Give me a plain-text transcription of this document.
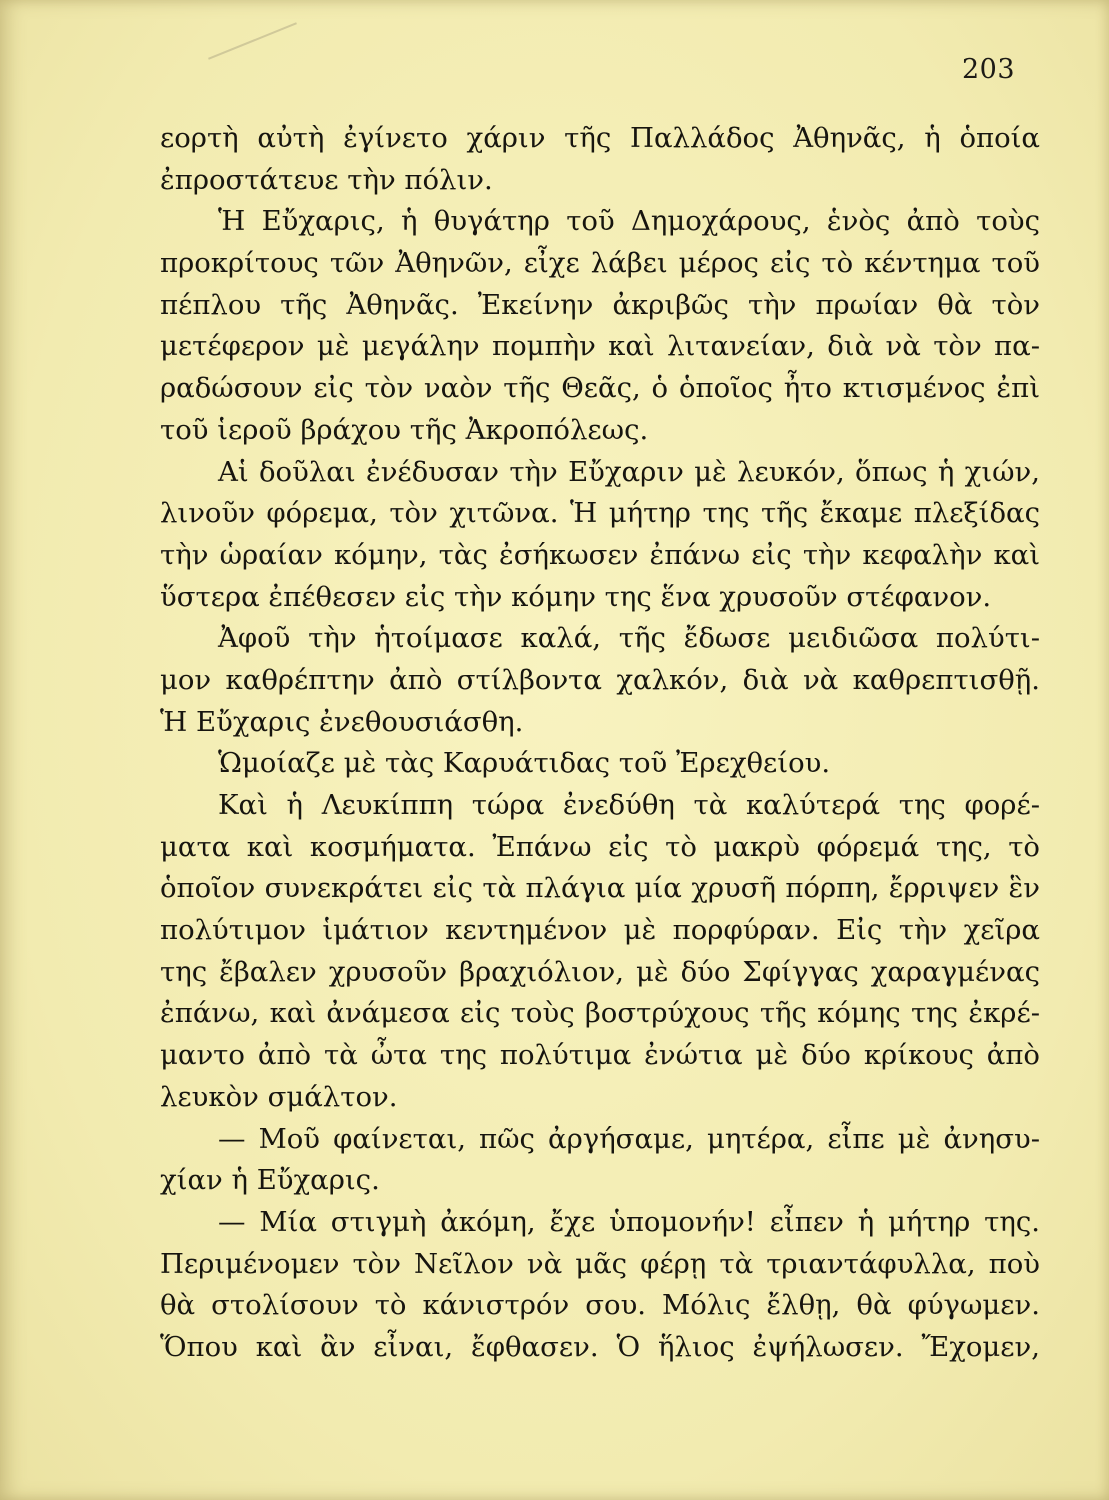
203
εορτὴ αὐτὴ ἐγίνετο χάριν τῆς Παλλάδος Ἀθηνᾶς, ἡ ὁποία
ἐπροστάτευε τὴν πόλιν.
Ἡ Εὔχαρις, ἡ θυγάτηρ τοῦ Δημοχάρους, ἑνὸς ἀπὸ τοὺς
προκρίτους τῶν Ἀθηνῶν, εἶχε λάβει μέρος εἰς τὸ κέντημα τοῦ
πέπλου τῆς Ἀθηνᾶς. Ἐκείνην ἀκριβῶς τὴν πρωίαν θὰ τὸν
μετέφερον μὲ μεγάλην πομπὴν καὶ λιτανείαν, διὰ νὰ τὸν πα-
ραδώσουν εἰς τὸν ναὸν τῆς Θεᾶς, ὁ ὁποῖος ἦτο κτισμένος ἐπὶ
τοῦ ἱεροῦ βράχου τῆς Ἀκροπόλεως.
Αἱ δοῦλαι ἐνέδυσαν τὴν Εὔχαριν μὲ λευκόν, ὅπως ἡ χιών,
λινοῦν φόρεμα, τὸν χιτῶνα. Ἡ μήτηρ της τῆς ἔκαμε πλεξίδας
τὴν ὡραίαν κόμην, τὰς ἐσήκωσεν ἐπάνω εἰς τὴν κεφαλὴν καὶ
ὕστερα ἐπέθεσεν εἰς τὴν κόμην της ἕνα χρυσοῦν στέφανον.
Ἀφοῦ τὴν ἡτοίμασε καλά, τῆς ἔδωσε μειδιῶσα πολύτι-
μον καθρέπτην ἀπὸ στίλβοντα χαλκόν, διὰ νὰ καθρεπτισθῇ.
Ἡ Εὔχαρις ἐνεθουσιάσθη.
Ὡμοίαζε μὲ τὰς Καρυάτιδας τοῦ Ἐρεχθείου.
Καὶ ἡ Λευκίππη τώρα ἐνεδύθη τὰ καλύτερά της φορέ-
ματα καὶ κοσμήματα. Ἐπάνω εἰς τὸ μακρὺ φόρεμά της, τὸ
ὁποῖον συνεκράτει εἰς τὰ πλάγια μία χρυσῆ πόρπη, ἔρριψεν ἓν
πολύτιμον ἱμάτιον κεντημένον μὲ πορφύραν. Εἰς τὴν χεῖρα
της ἔβαλεν χρυσοῦν βραχιόλιον, μὲ δύο Σφίγγας χαραγμένας
ἐπάνω, καὶ ἀνάμεσα εἰς τοὺς βοστρύχους τῆς κόμης της ἐκρέ-
μαντο ἀπὸ τὰ ὦτα της πολύτιμα ἐνώτια μὲ δύο κρίκους ἀπὸ
λευκὸν σμάλτον.
— Μοῦ φαίνεται, πῶς ἀργήσαμε, μητέρα, εἶπε μὲ ἀνησυ-
χίαν ἡ Εὔχαρις.
— Μία στιγμὴ ἀκόμη, ἔχε ὑπομονήν! εἶπεν ἡ μήτηρ της.
Περιμένομεν τὸν Νεῖλον νὰ μᾶς φέρῃ τὰ τριαντάφυλλα, ποὺ
θὰ στολίσουν τὸ κάνιστρόν σου. Μόλις ἔλθῃ, θὰ φύγωμεν.
Ὅπου καὶ ἂν εἶναι, ἔφθασεν. Ὁ ἥλιος ἐψήλωσεν. Ἔχομεν,
